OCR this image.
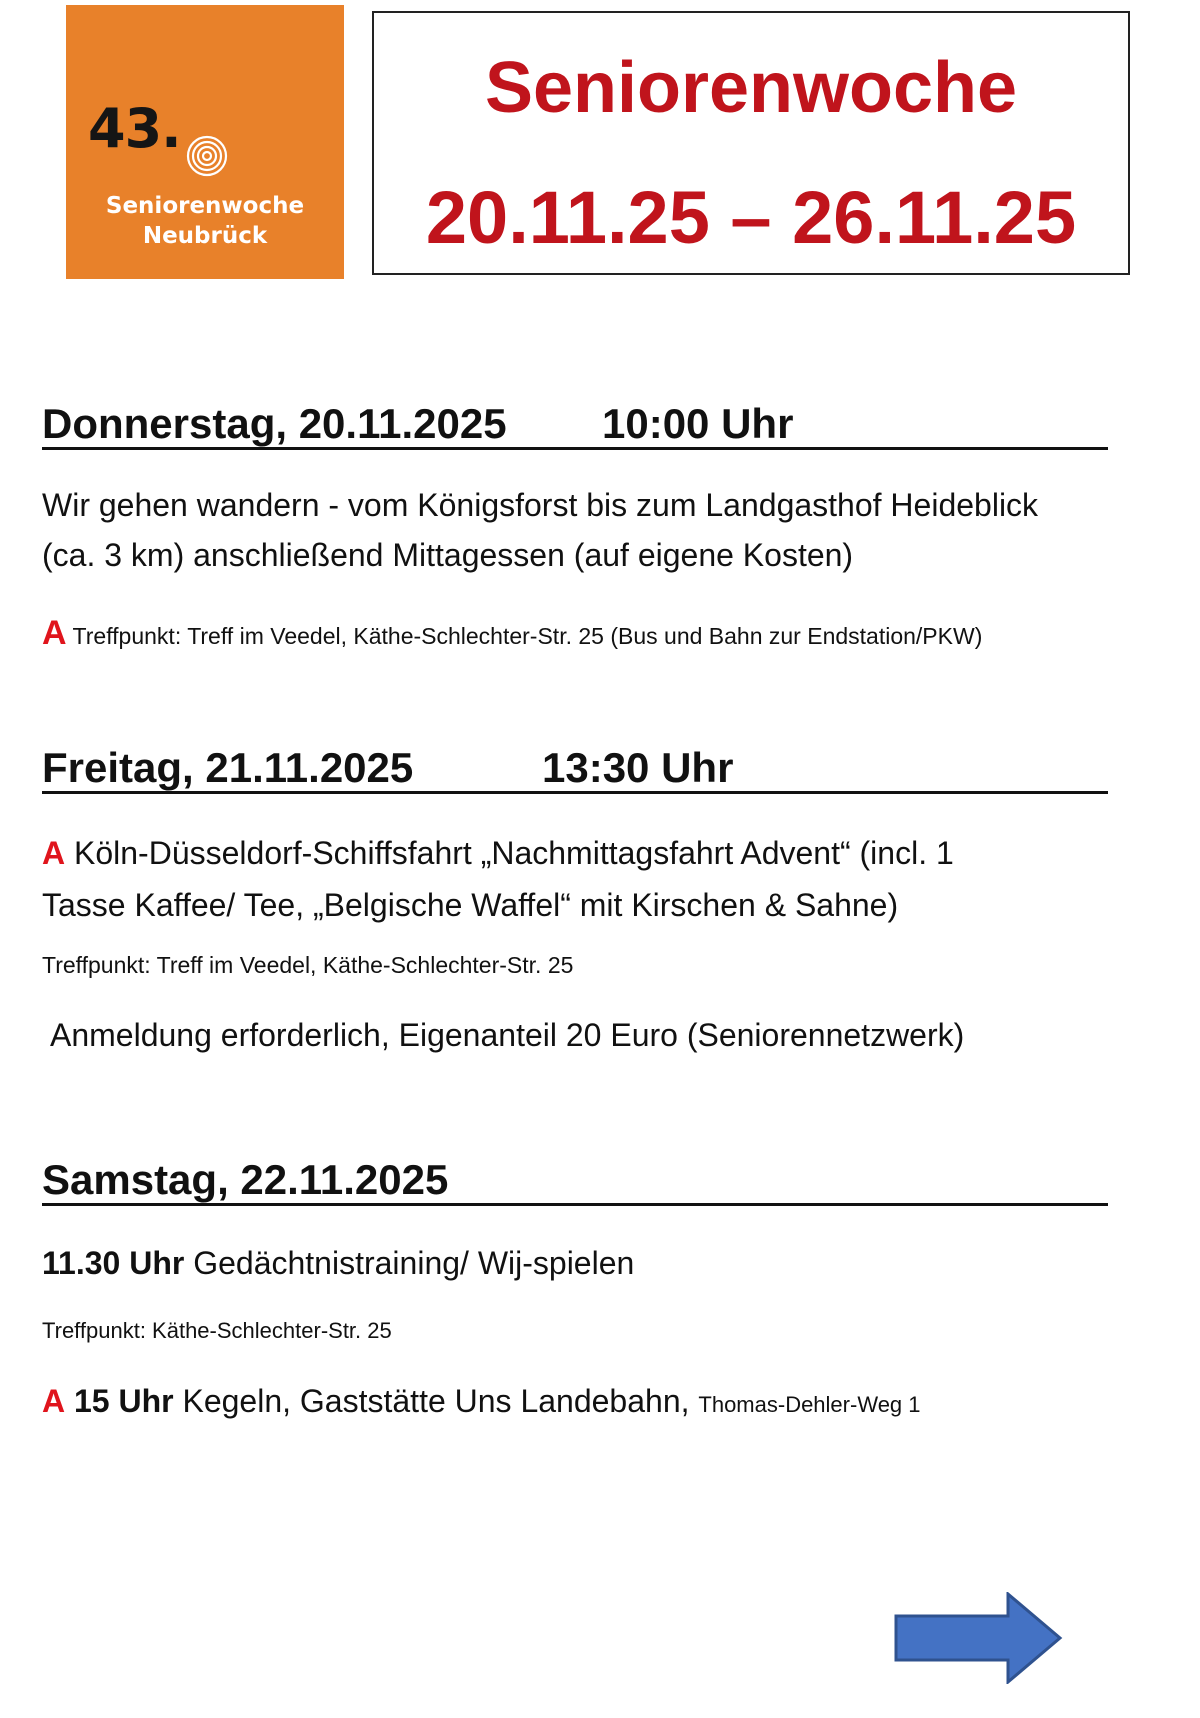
43.
Seniorenwoche
Neubrück
Seniorenwoche
20.11.25 – 26.11.25
Donnerstag, 20.11.2025 10:00 Uhr
Wir gehen wandern - vom Königsforst bis zum Landgasthof Heideblick
(ca. 3 km) anschließend Mittagessen (auf eigene Kosten)
A Treffpunkt: Treff im Veedel, Käthe-Schlechter-Str. 25 (Bus und Bahn zur Endstation/PKW)
Freitag, 21.11.2025	13:30 Uhr
A Köln-Düsseldorf-Schiffsfahrt „Nachmittagsfahrt Advent“ (incl. 1
Tasse Kaffee/ Tee, „Belgische Waffel“ mit Kirschen & Sahne)
Treffpunkt: Treff im Veedel, Käthe-Schlechter-Str. 25
Anmeldung erforderlich, Eigenanteil 20 Euro (Seniorennetzwerk)
Samstag, 22.11.2025
11.30 Uhr Gedächtnistraining/ Wij-spielen
Treffpunkt: Käthe-Schlechter-Str. 25
A 15 Uhr Kegeln, Gaststätte Uns Landebahn, Thomas-Dehler-Weg 1
